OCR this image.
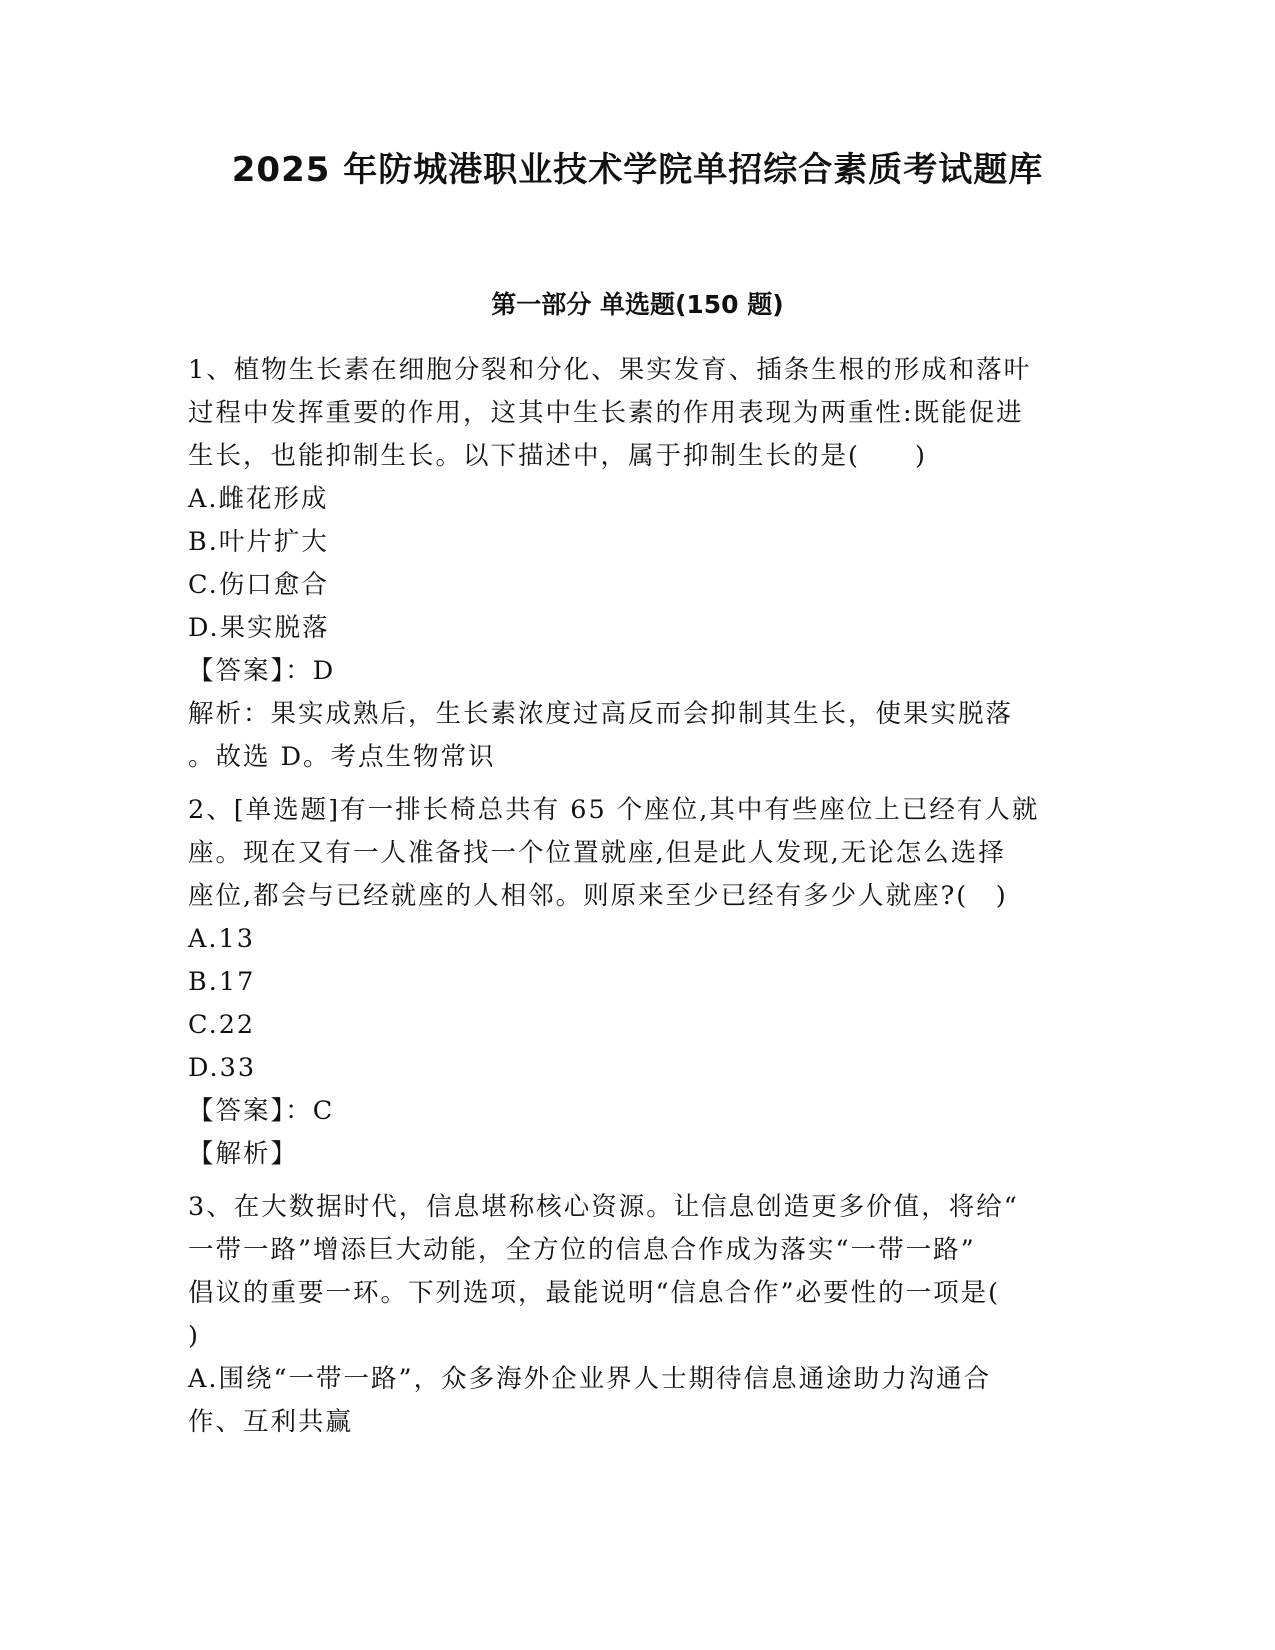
2025 年防城港职业技术学院单招综合素质考试题库
第一部分 单选题(150 题)

1、植物生长素在细胞分裂和分化、果实发育、插条生根的形成和落叶

过程中发挥重要的作用，这其中生长素的作用表现为两重性:既能促进

生长，也能抑制生长。以下描述中，属于抑制生长的是(　　)

A.雌花形成

B.叶片扩大

C.伤口愈合

D.果实脱落

【答案】：D

解析：果实成熟后，生长素浓度过高反而会抑制其生长，使果实脱落

。故选 D。考点生物常识

2、[单选题]有一排长椅总共有 65 个座位,其中有些座位上已经有人就

座。现在又有一人准备找一个位置就座,但是此人发现,无论怎么选择

座位,都会与已经就座的人相邻。则原来至少已经有多少人就座?(　)

A.13

B.17

C.22

D.33

【答案】：C

【解析】

3、在大数据时代，信息堪称核心资源。让信息创造更多价值，将给“

一带一路”增添巨大动能，全方位的信息合作成为落实“一带一路”

倡议的重要一环。下列选项，最能说明“信息合作”必要性的一项是(

)

A.围绕“一带一路”，众多海外企业界人士期待信息通途助力沟通合

作、互利共赢
